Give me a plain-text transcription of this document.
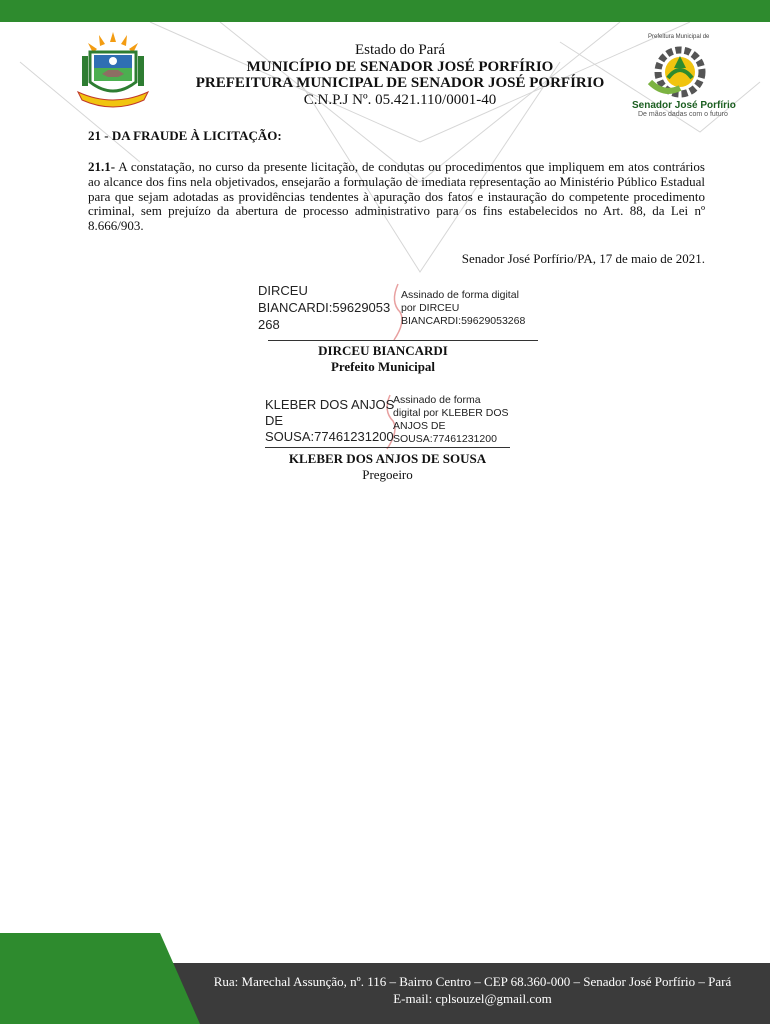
Estado do Pará
MUNICÍPIO DE SENADOR JOSÉ PORFÍRIO
PREFEITURA MUNICIPAL DE SENADOR JOSÉ PORFÍRIO
C.N.P.J Nº. 05.421.110/0001-40
Prefeitura Municipal de
Senador José Porfírio
De mãos dadas com o futuro
21 - DA FRAUDE À LICITAÇÃO:
21.1- A constatação, no curso da presente licitação, de condutas ou procedimentos que impliquem em atos contrários ao alcance dos fins nela objetivados, ensejarão a formulação de imediata representação ao Ministério Público Estadual para que sejam adotadas as providências tendentes à apuração dos fatos e instauração do competente procedimento criminal, sem prejuízo da abertura de processo administrativo para os fins estabelecidos no Art. 88, da Lei nº 8.666/903.
Senador José Porfírio/PA, 17 de maio de 2021.
DIRCEU
BIANCARDI:59629053
268
Assinado de forma digital
por DIRCEU
BIANCARDI:59629053268
DIRCEU BIANCARDI
Prefeito Municipal
KLEBER DOS ANJOS
DE
SOUSA:77461231200
Assinado de forma
digital por KLEBER DOS
ANJOS DE
SOUSA:77461231200
KLEBER DOS ANJOS DE SOUSA
Pregoeiro
Rua: Marechal Assunção, nº. 116 – Bairro Centro – CEP 68.360-000 – Senador José Porfírio – Pará
E-mail: cplsouzel@gmail.com
